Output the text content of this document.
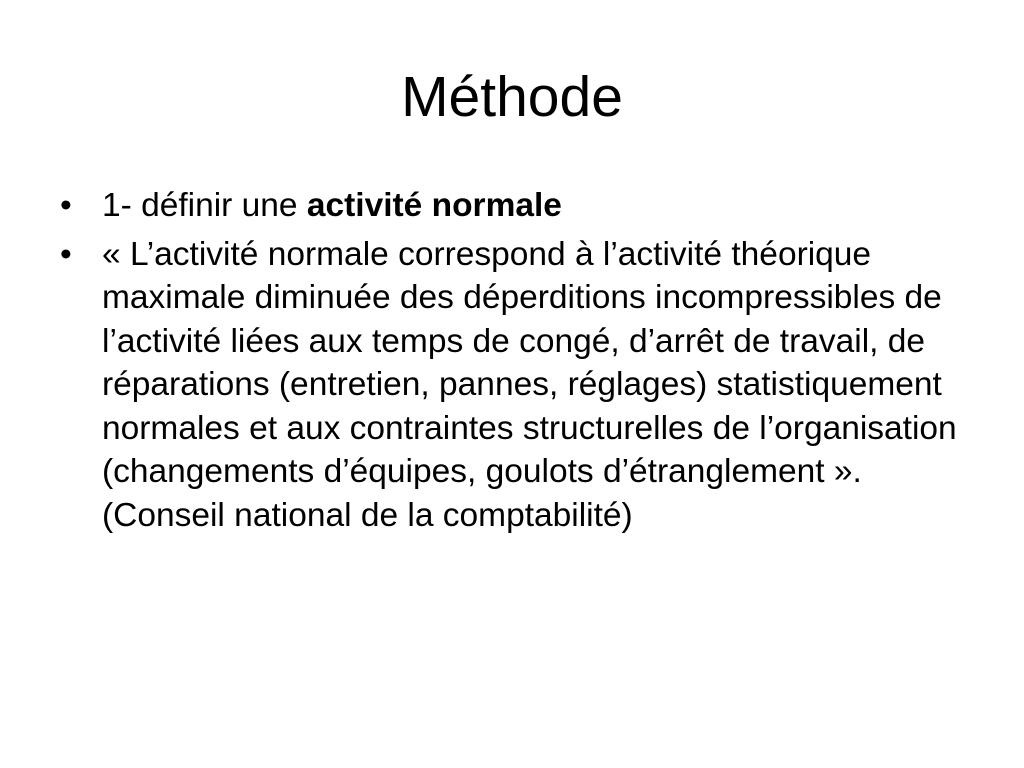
Méthode
• 1- définir une activité normale
• « L’activité normale correspond à l’activité théorique maximale diminuée des déperditions incompressibles de l’activité liées aux temps de congé, d’arrêt de travail, de réparations (entretien, pannes, réglages) statistiquement normales et aux contraintes structurelles de l’organisation (changements d’équipes, goulots d’étranglement ». (Conseil national de la comptabilité)
